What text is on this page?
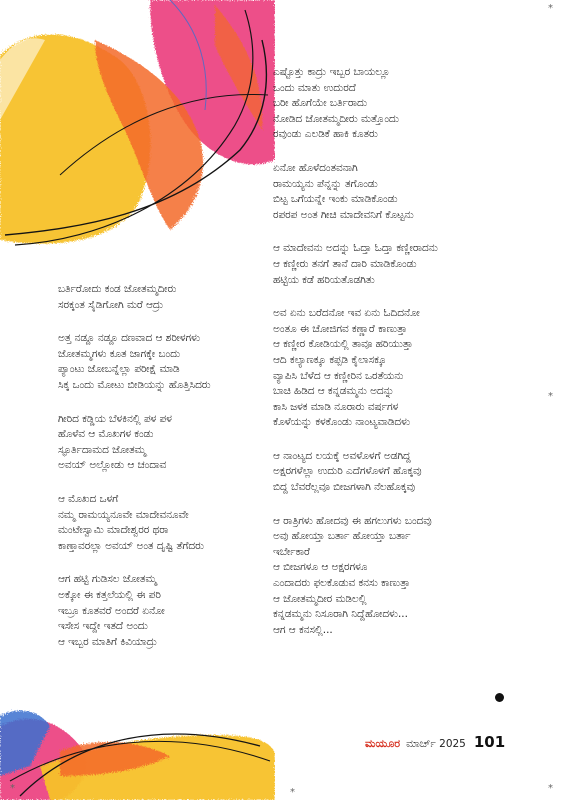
ಬರ್ತಿರೋದು ಕಂಡ ಜೋತಮ್ಮದೀರು
ಸರಕ್ಕಂತ ಸೈಡಿಗೋಗಿ ಮರೆ ಆದ್ರು
ಅತ್ತ ನಡ್ದೂ ನಡ್ದೂ ದಣವಾದ ಆ ಶರೀಳಗಳು
ಜೋತಮ್ಮಗಳು ಕೂತ ಜಾಗಕ್ಕೇ ಬಂದು
ಪ್ಯಾಂಟು ಜೋಬನ್ನೆಲ್ಲಾ ಪರೀಕ್ಷೆ ಮಾಡಿ
ಸಿಕ್ಕ ಒಂದು ಮೋಟು ಬೀಡಿಯನ್ನು ಹೊತ್ತಿಸಿದರು
ಗೀರಿದ ಕಡ್ಡಿಯ ಬೆಳಕಿನಲ್ಲಿ ಪಳ ಪಳ
ಹೊಳೆವ ಆ ಮೊಖಗಳ ಕಂಡು
ಸ್ಫೂರ್ತಿದಾಮದ ಜೋತಮ್ಮ
ಅವಯ್ ಅಲ್ಲೋಡು ಆ ಚಂದಾವ
ಆ ಮೊಖದ ಒಳಗೆ
ನಮ್ಮ ರಾಮಯ್ಯನೂವೇ ಮಾದೇವನೂವೇ
ಮಂಟೇಸ್ವಾಮಿ ಮಾದೇಶ್ವರರ ಥರಾ
ಕಾಣ್ತಾವರಲ್ಲಾ ಅವಯ್ ಅಂತ ದೃಷ್ಟಿ ತೆಗೆದರು
ಆಗ ಹಟ್ಟಿ ಗುಡಿಸಲ ಜೋತಮ್ಮ
ಅಕ್ಕೋ ಈ ಕತ್ತಲೆಯಲ್ಲಿ ಈ ಪರಿ
ಇಬ್ರೂ ಕೂತವರೆ ಅಂದರೆ ಏನೋ
ಇಸೇಸ ಇದ್ದೇ ಇತದೆ ಅಂದು
ಆ ಇಬ್ಬರ ಮಾತಿಗೆ ಕಿವಿಯಾದ್ರು
ಎಷ್ಟೊತ್ತು ಕಾದ್ರು ಇಬ್ಬರ ಬಾಯಲ್ಲೂ
ಒಂದು ಮಾತು ಉದುರದೆ
ಬರೀ ಹೊಗೆಯೇ ಬರ್ತಿರಾದು
ನೋಡಿದ ಜೋತಮ್ಮದೀರು ಮತ್ತೊಂದು
ರವುಂಡು ಎಲಡಿಕೆ ಹಾಕಿ ಕೂತರು
ಏನೋ ಹೊಳೆದಂತವನಾಗಿ
ರಾಮಯ್ಯನು ಪೆನ್ನನ್ನು ತಗೊಂಡು
ಬಿಟ್ಟ ಒಗೆಯನ್ನೇ ಇಂಕು ಮಾಡಿಕೊಂಡು
ರಪರಪ ಅಂತ ಗೀಚಿ ಮಾದೇವನಿಗೆ ಕೊಟ್ಟನು
ಆ ಮಾದೇವನು ಅದನ್ನು ಓದ್ತಾ ಓದ್ತಾ ಕಣ್ಣೀರಾದನು
ಆ ಕಣ್ಣೀರು ತನಗೆ ತಾನೆ ದಾರಿ ಮಾಡಿಕೊಂಡು
ಹಟ್ಟಿಯ ಕಡೆ ಹರಿಯತೊಡಗಿತು
ಅವ ಏನು ಬರೆದನೋ ಇವ ಏನು ಓದಿದನೋ
ಅಂತೂ ಈ ಚೋಜಿಗವ ಕಣ್ಣಾರೆ ಕಾಣುತ್ತಾ
ಆ ಕಣ್ಣೀರ ಕೋಡಿಯಲ್ಲಿ ತಾವೂ ಹರಿಯುತ್ತಾ
ಆದಿ ಕಲ್ಯಾಣಕ್ಕೂ ಕಪ್ಪಡಿ ಕೈಲಾಸಕ್ಕೂ
ವ್ಯಾಪಿಸಿ ಬೆಳೆದ ಆ ಕಣ್ಣೀರಿನ ಒರತೆಯನು
ಬಾಚಿ ಹಿಡಿದ ಆ ಕನ್ನಡಮ್ಮನು ಅದನ್ನು
ಕಾಸಿ ಜಳಕ ಮಾಡಿ ನೂರಾರು ವರ್ಷಗಳ
ಕೊಳೆಯನ್ನು ಕಳಕೊಂಡು ನಾಂಟ್ಯವಾಡಿದಳು
ಆ ನಾಂಟ್ಯದ ಲಯಕ್ಕೆ ಅವಳೊಳಗೆ ಅಡಗಿದ್ದ
ಅಕ್ಷರಗಳೆಲ್ಲಾ ಉದುರಿ ಎದೆಗಳೊಳಗೆ ಹೊಕ್ಕವು
ಬಿದ್ದ ಬೆವರೆಲ್ಲವೂ ಬೀಜಗಳಾಗಿ ನೆಲಹೊಕ್ಕವು
ಆ ರಾತ್ರಿಗಳು ಹೋದವು ಈ ಹಗಲುಗಳು ಬಂದವು
ಅವು ಹೋಯ್ತಾ ಬರ್ತಾ ಹೋಯ್ತಾ ಬರ್ತಾ
ಇರ್ಬೇಕಾರೆ
ಆ ಬೀಜಗಳೂ ಆ ಅಕ್ಷರಗಳೂ
ಎಂದಾದರು ಫಲಕೊಡುವ ಕನಸು ಕಾಣುತ್ತಾ
ಆ ಜೋತಮ್ಮದೀರ ಮಡಿಲಲ್ಲಿ
ಕನ್ನಡಮ್ಮನು ನಿಸೂರಾಗಿ ನಿದ್ದೆಹೋದಳು...
ಆಗ ಆ ಕನಸಲ್ಲಿ...
ಮಯೂರ ಮಾರ್ಚ್ 2025 101
*
*
*
*	*
